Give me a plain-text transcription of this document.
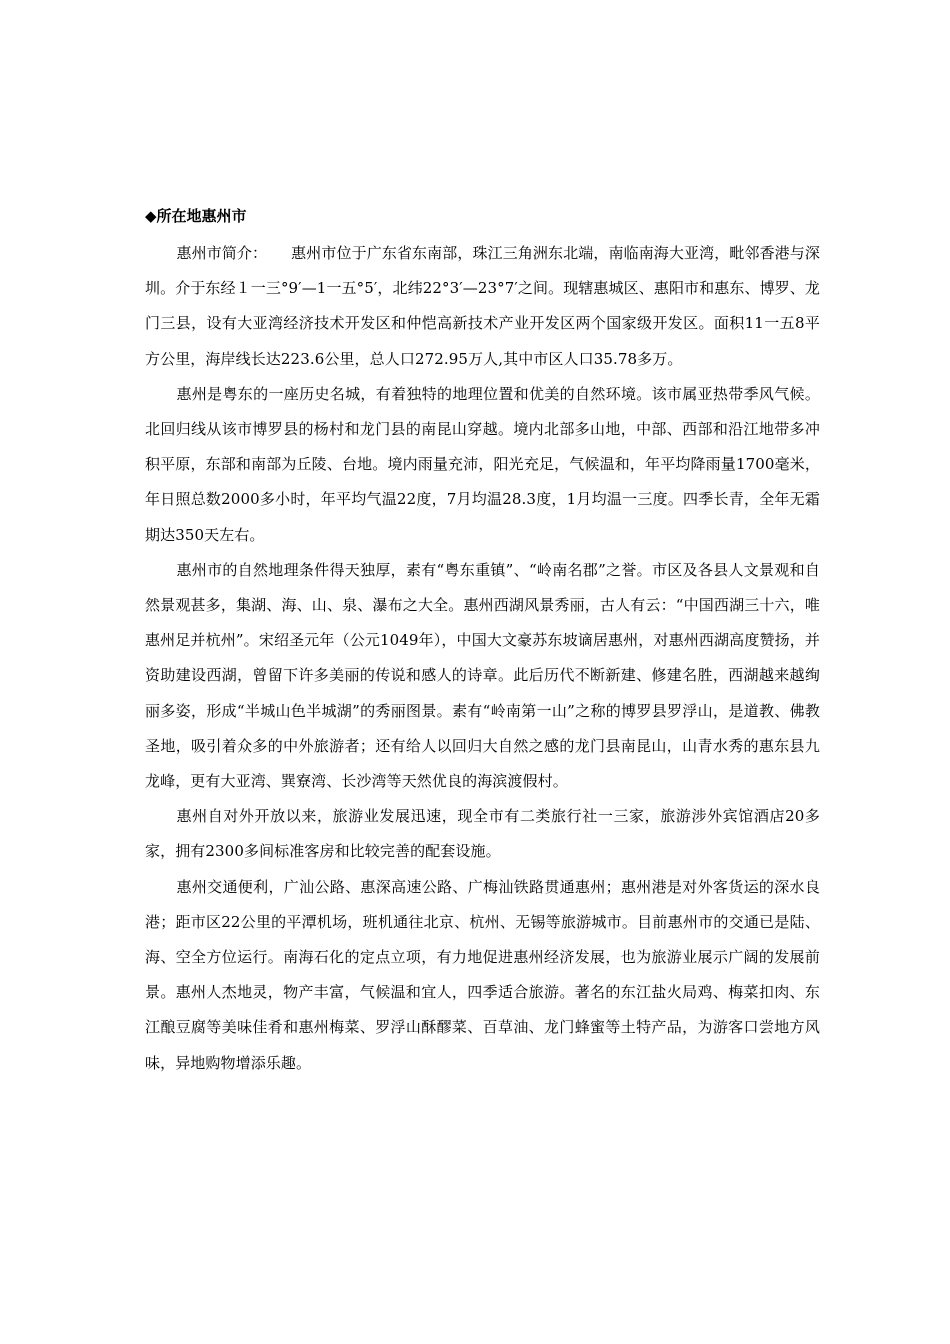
◆所在地惠州市

惠州市简介： 惠州市位于广东省东南部，珠江三角洲东北端，南临南海大亚湾，毗邻香港与深圳。介于东经１一三°9′—1一五°5′，北纬22°3′—23°7′之间。现辖惠城区、惠阳市和惠东、博罗、龙门三县，设有大亚湾经济技术开发区和仲恺高新技术产业开发区两个国家级开发区。面积11一五8平方公里，海岸线长达223.6公里，总人口272.95万人,其中市区人口35.78多万。

惠州是粤东的一座历史名城，有着独特的地理位置和优美的自然环境。该市属亚热带季风气候。北回归线从该市博罗县的杨村和龙门县的南昆山穿越。境内北部多山地，中部、西部和沿江地带多冲积平原，东部和南部为丘陵、台地。境内雨量充沛，阳光充足，气候温和，年平均降雨量1700毫米，年日照总数2000多小时，年平均气温22度，7月均温28.3度，1月均温一三度。四季长青，全年无霜期达350天左右。

惠州市的自然地理条件得天独厚，素有“粤东重镇”、“岭南名郡”之誉。市区及各县人文景观和自然景观甚多，集湖、海、山、泉、瀑布之大全。惠州西湖风景秀丽，古人有云：“中国西湖三十六，唯惠州足并杭州”。宋绍圣元年（公元1049年），中国大文豪苏东坡谪居惠州，对惠州西湖高度赞扬，并资助建设西湖，曾留下许多美丽的传说和感人的诗章。此后历代不断新建、修建名胜，西湖越来越绚丽多姿，形成“半城山色半城湖”的秀丽图景。素有“岭南第一山”之称的博罗县罗浮山，是道教、佛教圣地，吸引着众多的中外旅游者；还有给人以回归大自然之感的龙门县南昆山，山青水秀的惠东县九龙峰，更有大亚湾、巽寮湾、长沙湾等天然优良的海滨渡假村。

惠州自对外开放以来，旅游业发展迅速，现全市有二类旅行社一三家，旅游涉外宾馆酒店20多家，拥有2300多间标准客房和比较完善的配套设施。

惠州交通便利，广汕公路、惠深高速公路、广梅汕铁路贯通惠州；惠州港是对外客货运的深水良港；距市区22公里的平潭机场，班机通往北京、杭州、无锡等旅游城市。目前惠州市的交通已是陆、海、空全方位运行。南海石化的定点立项，有力地促进惠州经济发展，也为旅游业展示广阔的发展前景。惠州人杰地灵，物产丰富，气候温和宜人，四季适合旅游。著名的东江盐火局鸡、梅菜扣肉、东江酿豆腐等美味佳肴和惠州梅菜、罗浮山酥醪菜、百草油、龙门蜂蜜等土特产品，为游客口尝地方风味，异地购物增添乐趣。
